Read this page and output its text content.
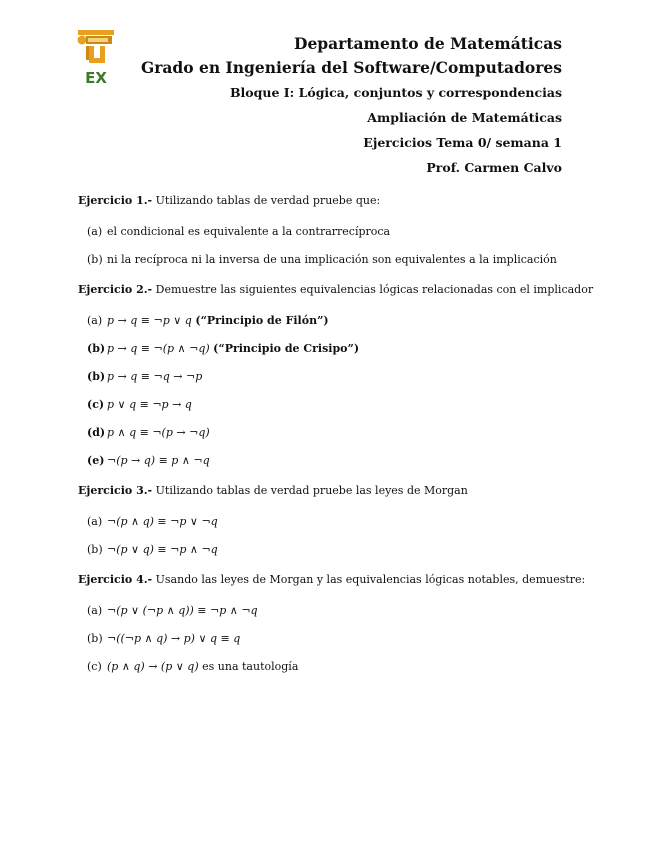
EX
Departamento de Matemáticas
Grado en Ingeniería del Software/Computadores
Bloque I: Lógica, conjuntos y correspondencias
Ampliación de Matemáticas
Ejercicios Tema 0/ semana 1
Prof. Carmen Calvo
Ejercicio 1.- Utilizando tablas de verdad pruebe que:
(a) el condicional es equivalente a la contrarrecíproca
(b) ni la recíproca ni la inversa de una implicación son equivalentes a la implicación
Ejercicio 2.- Demuestre las siguientes equivalencias lógicas relacionadas con el implicador
(a) p → q ≡ ¬p ∨ q (“Principio de Filón”)
(b) p → q ≡ ¬(p ∧ ¬q) (“Principio de Crisipo”)
(b) p → q ≡ ¬q → ¬p
(c) p ∨ q ≡ ¬p → q
(d) p ∧ q ≡ ¬(p → ¬q)
(e) ¬(p → q) ≡ p ∧ ¬q
Ejercicio 3.- Utilizando tablas de verdad pruebe las leyes de Morgan
(a) ¬(p ∧ q) ≡ ¬p ∨ ¬q
(b) ¬(p ∨ q) ≡ ¬p ∧ ¬q
Ejercicio 4.- Usando las leyes de Morgan y las equivalencias lógicas notables, demuestre:
(a) ¬(p ∨ (¬p ∧ q)) ≡ ¬p ∧ ¬q
(b) ¬((¬p ∧ q) → p) ∨ q ≡ q
(c) (p ∧ q) → (p ∨ q) es una tautología
